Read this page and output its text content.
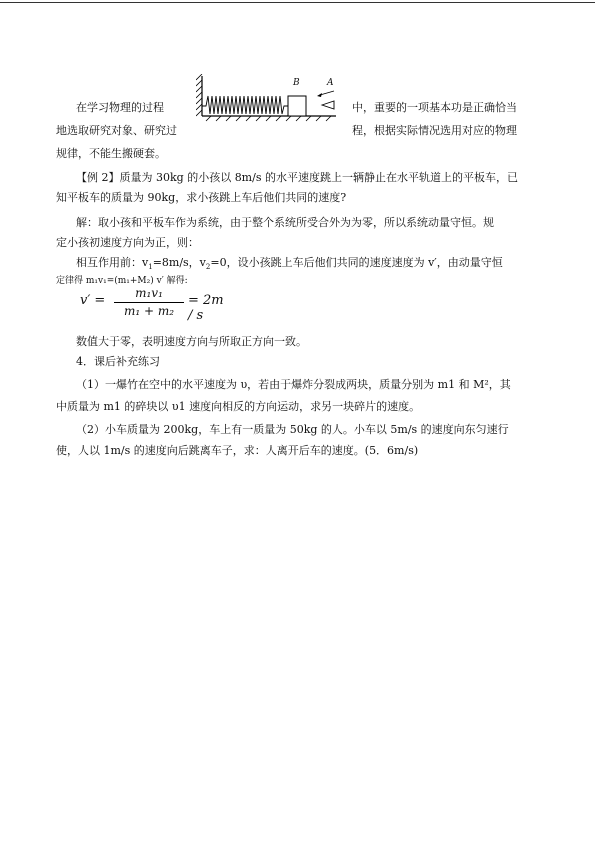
在学习物理的过程
地选取研究对象、研究过
中，重要的一项基本功是正确恰当
程，根据实际情况选用对应的物理
规律，不能生搬硬套。
B	A
【例 2】质量为 30kg 的小孩以 8m/s 的水平速度跳上一辆静止在水平轨道上的平板车，已
知平板车的质量为 90kg，求小孩跳上车后他们共同的速度?
解：取小孩和平板车作为系统，由于整个系统所受合外为为零，所以系统动量守恒。规
定小孩初速度方向为正，则：
相互作用前：$v_1=8m/s$，$v_2=0$，设小孩跳上车后他们共同的速度速度为 v′，由动量守恒
定律得 m₁v₁=(m₁+M₂) v′ 解得:
v′ =	m₁v₁
m₁ + m₂
= 2m / s
数值大于零，表明速度方向与所取正方向一致。
4．课后补充练习
（1）一爆竹在空中的水平速度为 υ，若由于爆炸分裂成两块，质量分别为 m1 和 M²，其
中质量为 m1 的碎块以 υ1 速度向相反的方向运动，求另一块碎片的速度。
（2）小车质量为 200kg，车上有一质量为 50kg 的人。小车以 5m/s 的速度向东匀速行
使，人以 1m/s 的速度向后跳离车子，求：人离开后车的速度。(5．6m/s)
